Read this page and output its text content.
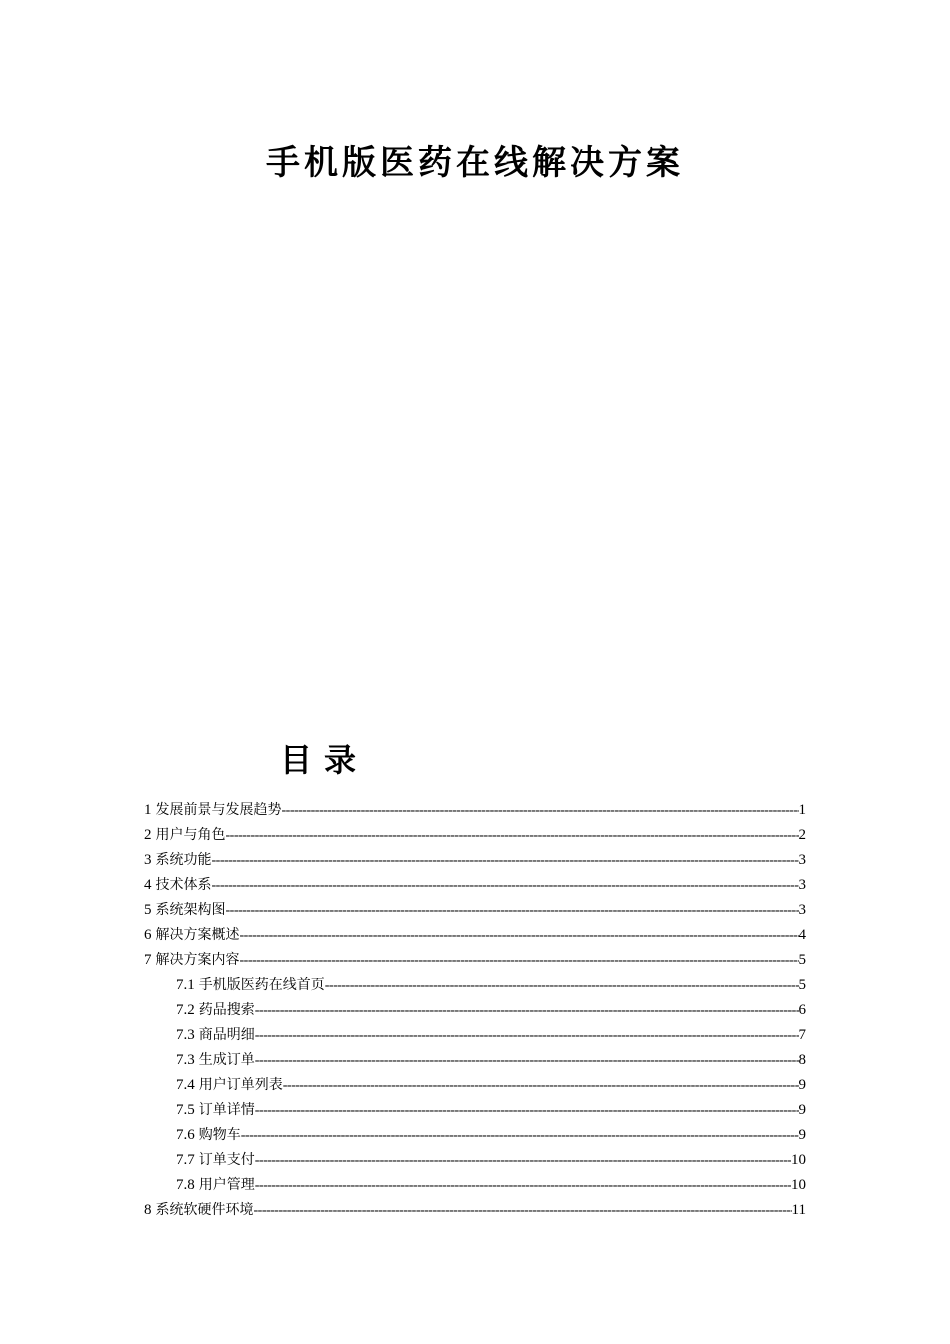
手机版医药在线解决方案
目录
1 发展前景与发展趋势 -----	1
2 用户与角色 -----	2
3 系统功能 -----	3
4 技术体系 -----	3
5 系统架构图 -----	3
6 解决方案概述 -----	4
7 解决方案内容 -----	5
7.1 手机版医药在线首页 -----	5
7.2 药品搜索 -----	6
7.3 商品明细 -----	7
7.3 生成订单 -----	8
7.4 用户订单列表 -----	9
7.5 订单详情 -----	9
7.6 购物车 -----	9
7.7 订单支付 -----	10
7.8 用户管理 -----	10
8 系统软硬件环境 -----	11
